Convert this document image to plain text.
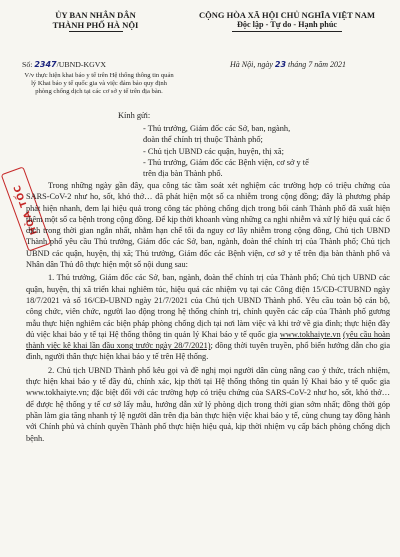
ỦY BAN NHÂN DÂN
THÀNH PHỐ HÀ NỘI
CỘNG HÒA XÃ HỘI CHỦ NGHĨA VIỆT NAM
Độc lập - Tự do - Hạnh phúc
Số: 2347/UBND-KGVX	Hà Nội, ngày 23 tháng 7 năm 2021
V/v thực hiện khai báo y tế trên Hệ thống thông tin quản lý Khai báo y tế quốc gia và việc đảm bảo quy định phòng chống dịch tại các cơ sở y tế trên địa bàn.
Kính gửi:
- Thủ trưởng, Giám đốc các Sở, ban, ngành,
đoàn thể chính trị thuộc Thành phố;
- Chủ tịch UBND các quận, huyện, thị xã;
- Thủ trưởng, Giám đốc các Bệnh viện, cơ sở y tế
trên địa bàn Thành phố.
HỎA TỐC Trong những ngày gần đây, qua công tác tầm soát xét nghiệm các trường hợp có triệu chứng của SARS-CoV-2 như ho, sốt, khó thở… đã phát hiện một số ca nhiễm trong cộng đồng; đây là phương pháp phát hiện nhanh, đem lại hiệu quả trong công tác phòng chống dịch trong bối cảnh Thành phố đã xuất hiện thêm một số ca bệnh trong cộng đồng. Để kịp thời khoanh vùng những ca nghi nhiễm và xử lý hiệu quả các ổ dịch trong thời gian ngắn nhất, nhằm hạn chế tối đa nguy cơ lây nhiễm trong cộng đồng, Chủ tịch UBND Thành phố yêu cầu Thủ trưởng, Giám đốc các Sở, ban, ngành, đoàn thể chính trị của Thành phố; Chủ tịch UBND các quận, huyện, thị xã; Thủ trưởng, Giám đốc các Bệnh viện, cơ sở y tế trên địa bàn thành phố và Nhân dân Thủ đô thực hiện một số nội dung sau:

1. Thủ trưởng, Giám đốc các Sở, ban, ngành, đoàn thể chính trị của Thành phố; Chủ tịch UBND các quận, huyện, thị xã triển khai nghiêm túc, hiệu quả các nhiệm vụ tại các Công điện 15/CĐ-CTUBND ngày 18/7/2021 và số 16/CĐ-UBND ngày 21/7/2021 của Chủ tịch UBND Thành phố. Yêu cầu toàn bộ cán bộ, công chức, viên chức, người lao động trong hệ thống chính trị, chính quyền các cấp của Thành phố gương mẫu thực hiện nghiêm các biện pháp phòng chống dịch tại nơi làm việc và khi trở về gia đình; thực hiện đầy đủ việc khai báo y tế tại Hệ thống thông tin quản lý Khai báo y tế quốc gia www.tokhaiyte.vn (yêu cầu hoàn thành việc kê khai lần đầu xong trước ngày 28/7/2021); đồng thời tuyên truyền, phổ biến hướng dẫn cho gia đình, người thân thực hiện khai báo y tế trên Hệ thống.

2. Chủ tịch UBND Thành phố kêu gọi và đề nghị mọi người dân cùng nâng cao ý thức, trách nhiệm, thực hiện khai báo y tế đầy đủ, chính xác, kịp thời tại Hệ thống thông tin quản lý Khai báo y tế quốc gia www.tokhaiyte.vn; đặc biệt đối với các trường hợp có triệu chứng của SARS-CoV-2 như ho, sốt, khó thở… để được hệ thống y tế cơ sở lấy mẫu, hướng dẫn xử lý phòng dịch trong thời gian sớm nhất; đồng thời góp phần làm gia tăng nhanh tỷ lệ người dân trên địa bàn thực hiện việc khai báo y tế, cùng chung tay đồng hành với Chính phủ và chính quyền Thành phố thực hiện hiệu quả, kịp thời nhiệm vụ cấp bách phòng chống dịch bệnh.
